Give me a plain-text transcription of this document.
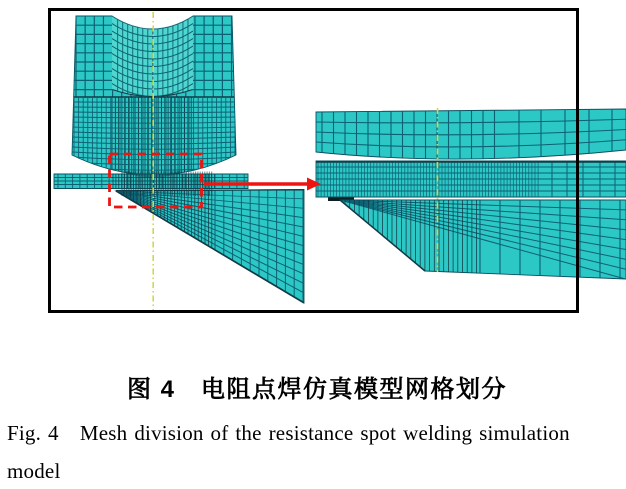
图 4　电阻点焊仿真模型网格划分
Fig. 4　Mesh division of the resistance spot welding simulation
model
